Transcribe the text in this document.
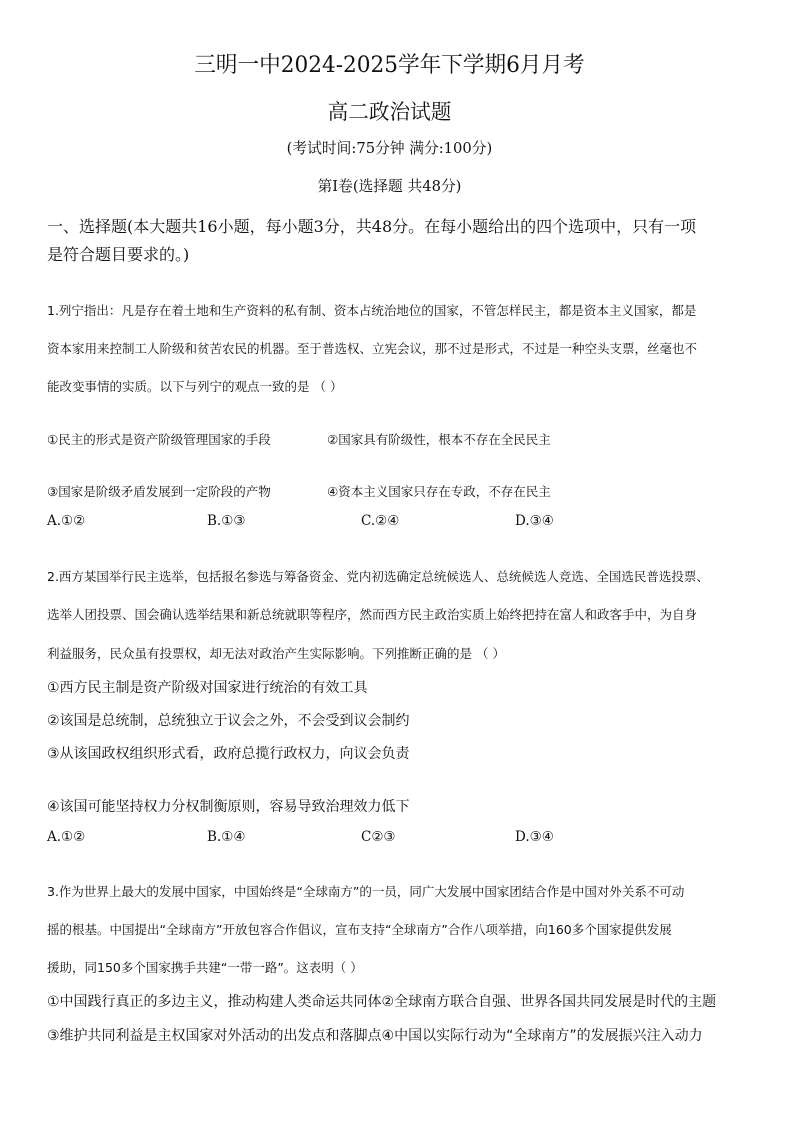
三明一中2024-2025学年下学期6月月考
高二政治试题
(考试时间:75分钟 满分:100分)
第Ⅰ卷(选择题 共48分)
一、选择题(本大题共16小题，每小题3分，共48分。在每小题给出的四个选项中，只有一项
是符合题目要求的。)
1.列宁指出：凡是存在着土地和生产资料的私有制、资本占统治地位的国家，不管怎样民主，都是资本主义国家，都是
资本家用来控制工人阶级和贫苦农民的机器。至于普选权、立宪会议，那不过是形式，不过是一种空头支票，丝毫也不
能改变事情的实质。以下与列宁的观点一致的是 （ ）
①民主的形式是资产阶级管理国家的手段	②国家具有阶级性，根本不存在全民民主
③国家是阶级矛盾发展到一定阶段的产物	④资本主义国家只存在专政，不存在民主
A.①②	B.①③	C.②④	D.③④
2.西方某国举行民主选举，包括报名参选与筹备资金、党内初选确定总统候选人、总统候选人竞选、全国选民普选投票、
选举人团投票、国会确认选举结果和新总统就职等程序，然而西方民主政治实质上始终把持在富人和政客手中，为自身
利益服务，民众虽有投票权，却无法对政治产生实际影响。下列推断正确的是 （ ）
①西方民主制是资产阶级对国家进行统治的有效工具
②该国是总统制，总统独立于议会之外，不会受到议会制约
③从该国政权组织形式看，政府总揽行政权力，向议会负责
④该国可能坚持权力分权制衡原则，容易导致治理效力低下
A.①②	B.①④	C②③	D.③④
3.作为世界上最大的发展中国家，中国始终是“全球南方”的一员，同广大发展中国家团结合作是中国对外关系不可动
摇的根基。中国提出“全球南方”开放包容合作倡议，宣布支持“全球南方”合作八项举措，向160多个国家提供发展
援助，同150多个国家携手共建“一带一路”。这表明（ ）
①中国践行真正的多边主义，推动构建人类命运共同体②全球南方联合自强、世界各国共同发展是时代的主题
③维护共同利益是主权国家对外活动的出发点和落脚点④中国以实际行动为“全球南方”的发展振兴注入动力
